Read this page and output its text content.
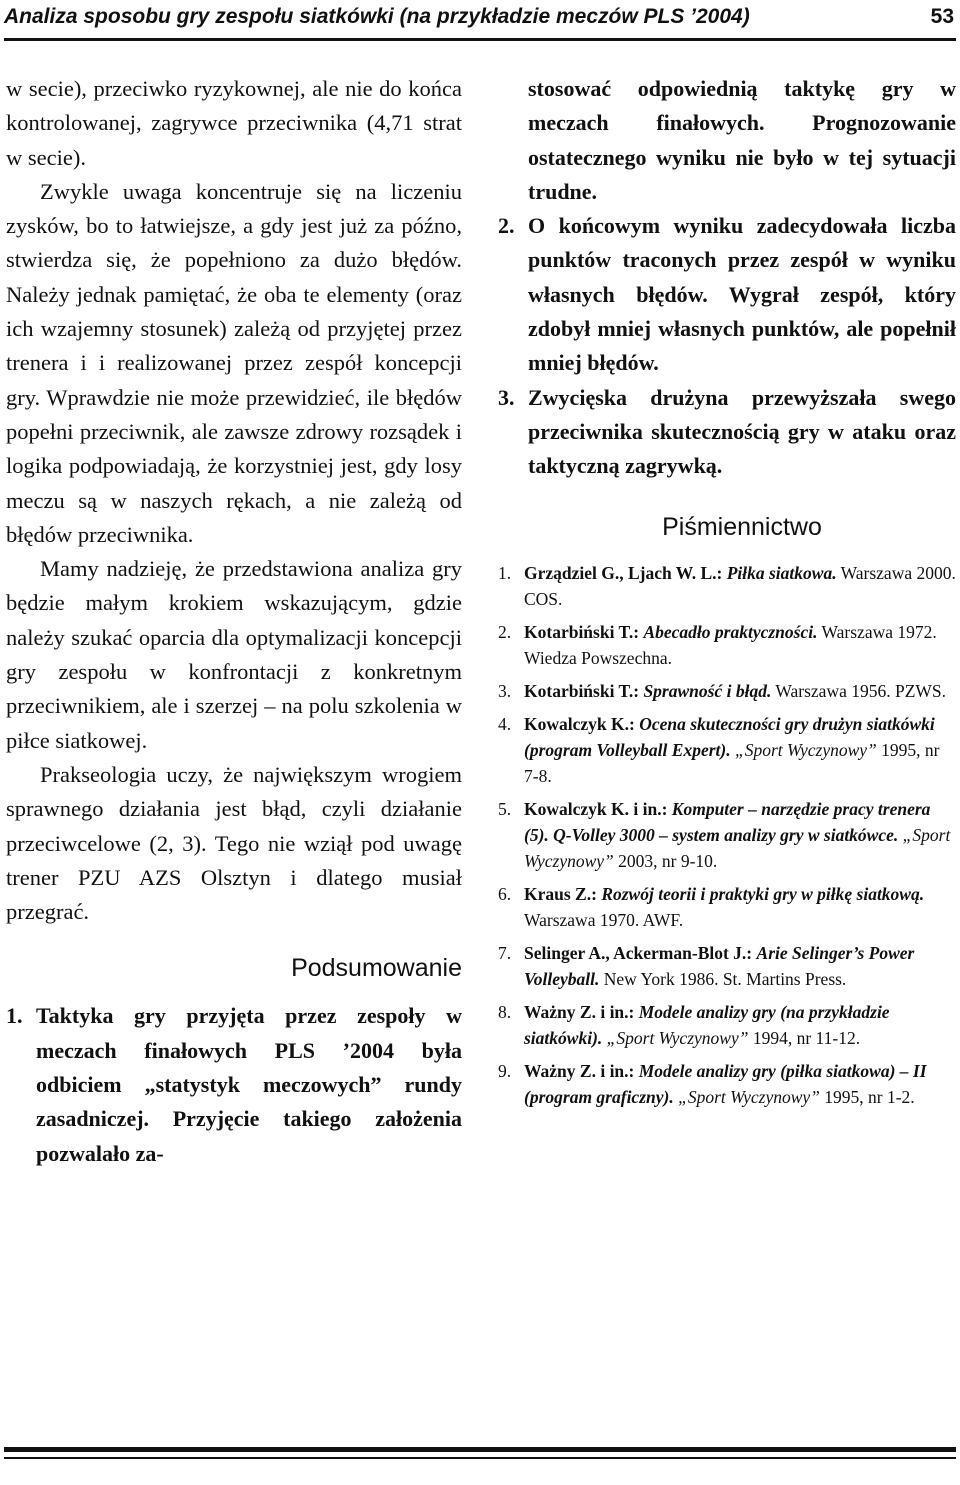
Analiza sposobu gry zespołu siatkówki (na przykładzie meczów PLS ’2004)	53

w secie), przeciwko ryzykownej, ale nie do końca kontrolowanej, zagrywce przeciwnika (4,71 strat w secie).

Zwykle uwaga koncentruje się na liczeniu zysków, bo to łatwiejsze, a gdy jest już za późno, stwierdza się, że popełniono za dużo błędów. Należy jednak pamiętać, że oba te elementy (oraz ich wzajemny stosunek) zależą od przyjętej przez trenera i i realizowanej przez zespół koncepcji gry. Wprawdzie nie może przewidzieć, ile błędów popełni przeciwnik, ale zawsze zdrowy rozsądek i logika podpowiadają, że korzystniej jest, gdy losy meczu są w naszych rękach, a nie zależą od błędów przeciwnika.

Mamy nadzieję, że przedstawiona analiza gry będzie małym krokiem wskazującym, gdzie należy szukać oparcia dla optymalizacji koncepcji gry zespołu w konfrontacji z konkretnym przeciwnikiem, ale i szerzej – na polu szkolenia w piłce siatkowej.

Prakseologia uczy, że największym wrogiem sprawnego działania jest błąd, czyli działanie przeciwcelowe (2, 3). Tego nie wziął pod uwagę trener PZU AZS Olsztyn i dlatego musiał przegrać.

Podsumowanie
1. Taktyka gry przyjęta przez zespoły w meczach finałowych PLS ’2004 była odbiciem „statystyk meczowych” rundy zasadniczej. Przyjęcie takiego założenia pozwalało za-

stosować odpowiednią taktykę gry w meczach finałowych. Prognozowanie ostatecznego wyniku nie było w tej sytuacji trudne.

2. O końcowym wyniku zadecydowała liczba punktów traconych przez zespół w wyniku własnych błędów. Wygrał zespół, który zdobył mniej własnych punktów, ale popełnił mniej błędów.
3. Zwycięska drużyna przewyższała swego przeciwnika skutecznością gry w ataku oraz taktyczną zagrywką.
Piśmiennictwo
1. Grządziel G., Ljach W. L.: Piłka siatkowa. Warszawa 2000. COS.
2. Kotarbiński T.: Abecadło praktyczności. Warszawa 1972. Wiedza Powszechna.
3. Kotarbiński T.: Sprawność i błąd. Warszawa 1956. PZWS.
4. Kowalczyk K.: Ocena skuteczności gry drużyn siatkówki (program Volleyball Expert). „Sport Wyczynowy” 1995, nr 7-8.
5. Kowalczyk K. i in.: Komputer – narzędzie pracy trenera (5). Q-Volley 3000 – system analizy gry w siatkówce. „Sport Wyczynowy” 2003, nr 9-10.
6. Kraus Z.: Rozwój teorii i praktyki gry w piłkę siatkową. Warszawa 1970. AWF.
7. Selinger A., Ackerman-Blot J.: Arie Selinger’s Power Volleyball. New York 1986. St. Martins Press.
8. Ważny Z. i in.: Modele analizy gry (na przykładzie siatkówki). „Sport Wyczynowy” 1994, nr 11-12.
9. Ważny Z. i in.: Modele analizy gry (piłka siatkowa) – II (program graficzny). „Sport Wyczynowy” 1995, nr 1-2.
